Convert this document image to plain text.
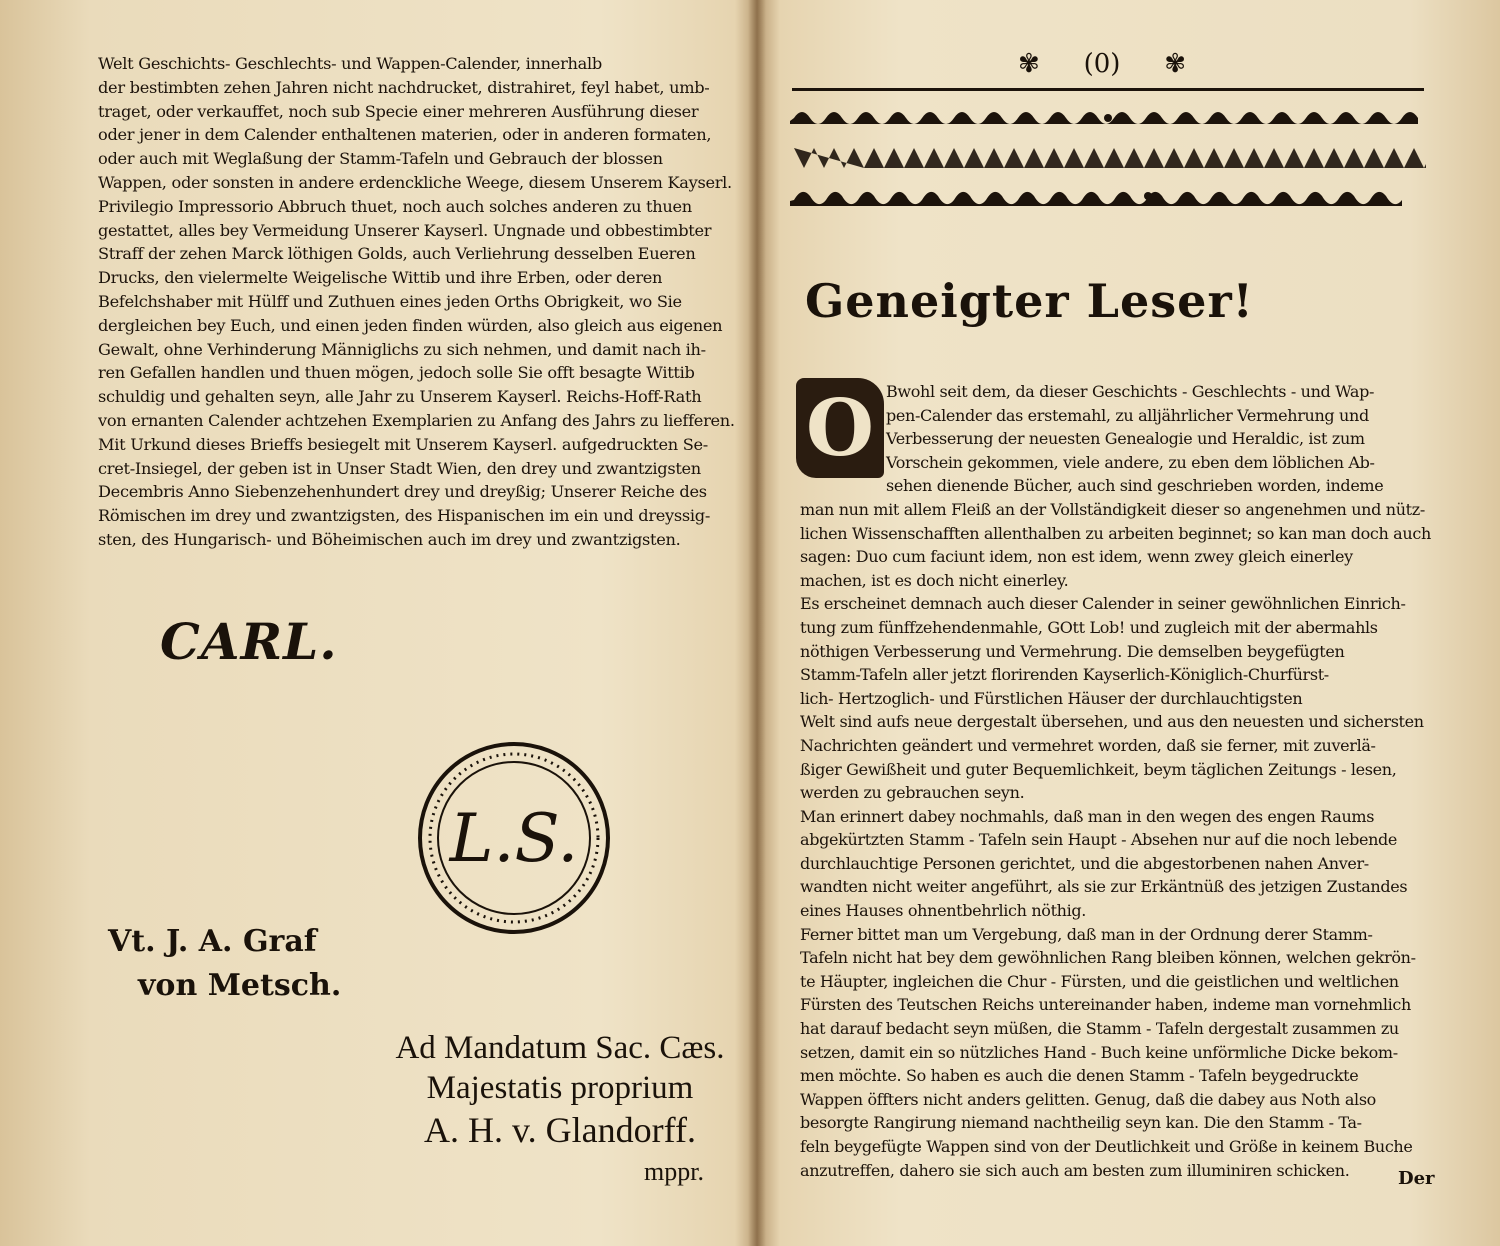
Welt Geschichts- Geschlechts- und Wappen-Calender, innerhalb
der bestimbten zehen Jahren nicht nachdrucket, distrahiret, feyl habet, umb-
traget, oder verkauffet, noch sub Specie einer mehreren Ausführung dieser
oder jener in dem Calender enthaltenen materien, oder in anderen formaten,
oder auch mit Weglaßung der Stamm-Tafeln und Gebrauch der blossen
Wappen, oder sonsten in andere erdenckliche Weege, diesem Unserem Kayserl.
Privilegio Impressorio Abbruch thuet, noch auch solches anderen zu thuen
gestattet, alles bey Vermeidung Unserer Kayserl. Ungnade und obbestimbter
Straff der zehen Marck löthigen Golds, auch Verliehrung desselben Eueren
Drucks, den vielermelte Weigelische Wittib und ihre Erben, oder deren
Befelchshaber mit Hülff und Zuthuen eines jeden Orths Obrigkeit, wo Sie
dergleichen bey Euch, und einen jeden finden würden, also gleich aus eigenen
Gewalt, ohne Verhinderung Männiglichs zu sich nehmen, und damit nach ih-
ren Gefallen handlen und thuen mögen, jedoch solle Sie offt besagte Wittib
schuldig und gehalten seyn, alle Jahr zu Unserem Kayserl. Reichs-Hoff-Rath
von ernanten Calender achtzehen Exemplarien zu Anfang des Jahrs zu liefferen.
Mit Urkund dieses Brieffs besiegelt mit Unserem Kayserl. aufgedruckten Se-
cret-Insiegel, der geben ist in Unser Stadt Wien, den drey und zwantzigsten
Decembris Anno Siebenzehenhundert drey und dreyßig; Unserer Reiche des
Römischen im drey und zwantzigsten, des Hispanischen im ein und dreyssig-
sten, des Hungarisch- und Böheimischen auch im drey und zwantzigsten.
CARL.
L.S.
Vt. J. A. Graf
von Metsch.
Ad Mandatum Sac. Cæs.
Majestatis proprium
A. H. v. Glandorff.
mppr.
✾ (0) ✾
Geneigter Leser!
O Bwohl seit dem, da dieser Geschichts - Geschlechts - und Wap-
pen-Calender das erstemahl, zu alljährlicher Vermehrung und
Verbesserung der neuesten Genealogie und Heraldic, ist zum
Vorschein gekommen, viele andere, zu eben dem löblichen Ab-
sehen dienende Bücher, auch sind geschrieben worden, indeme
man nun mit allem Fleiß an der Vollständigkeit dieser so angenehmen und nütz-
lichen Wissenschafften allenthalben zu arbeiten beginnet; so kan man doch auch
sagen: Duo cum faciunt idem, non est idem, wenn zwey gleich einerley
machen, ist es doch nicht einerley.
Es erscheinet demnach auch dieser Calender in seiner gewöhnlichen Einrich-
tung zum fünffzehendenmahle, GOtt Lob! und zugleich mit der abermahls
nöthigen Verbesserung und Vermehrung. Die demselben beygefügten
Stamm-Tafeln aller jetzt florirenden Kayserlich-Königlich-Churfürst-
lich- Hertzoglich- und Fürstlichen Häuser der durchlauchtigsten
Welt sind aufs neue dergestalt übersehen, und aus den neuesten und sichersten
Nachrichten geändert und vermehret worden, daß sie ferner, mit zuverlä-
ßiger Gewißheit und guter Bequemlichkeit, beym täglichen Zeitungs - lesen,
werden zu gebrauchen seyn.
Man erinnert dabey nochmahls, daß man in den wegen des engen Raums
abgekürtzten Stamm - Tafeln sein Haupt - Absehen nur auf die noch lebende
durchlauchtige Personen gerichtet, und die abgestorbenen nahen Anver-
wandten nicht weiter angeführt, als sie zur Erkäntnüß des jetzigen Zustandes
eines Hauses ohnentbehrlich nöthig.
Ferner bittet man um Vergebung, daß man in der Ordnung derer Stamm-
Tafeln nicht hat bey dem gewöhnlichen Rang bleiben können, welchen gekrön-
te Häupter, ingleichen die Chur - Fürsten, und die geistlichen und weltlichen
Fürsten des Teutschen Reichs untereinander haben, indeme man vornehmlich
hat darauf bedacht seyn müßen, die Stamm - Tafeln dergestalt zusammen zu
setzen, damit ein so nützliches Hand - Buch keine unförmliche Dicke bekom-
men möchte. So haben es auch die denen Stamm - Tafeln beygedruckte
Wappen öffters nicht anders gelitten. Genug, daß die dabey aus Noth also
besorgte Rangirung niemand nachtheilig seyn kan. Die den Stamm - Ta-
feln beygefügte Wappen sind von der Deutlichkeit und Größe in keinem Buche
anzutreffen, dahero sie sich auch am besten zum illuminiren schicken.	Der
